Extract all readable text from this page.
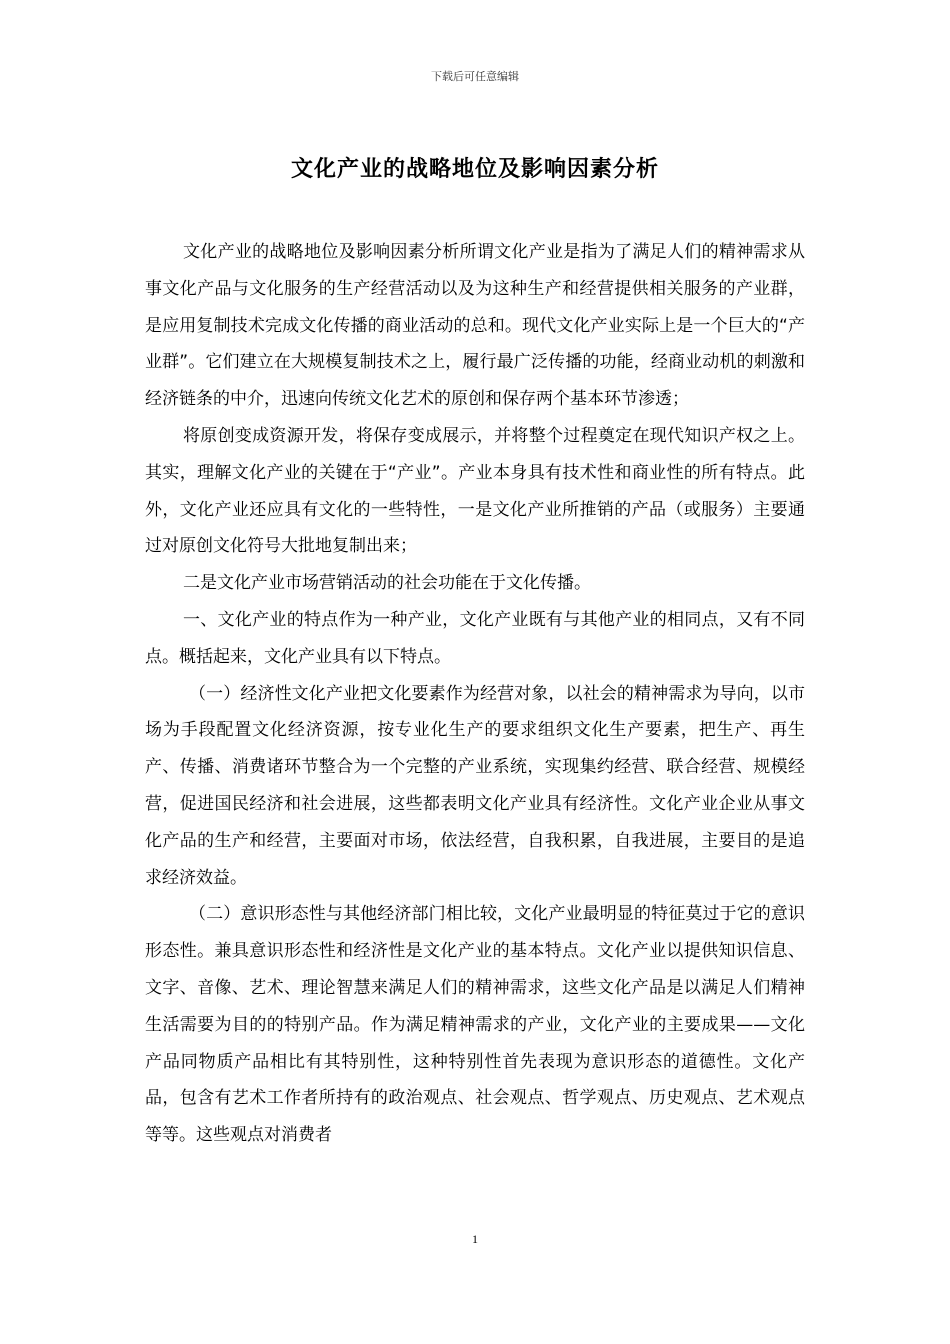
下载后可任意编辑
文化产业的战略地位及影响因素分析

文化产业的战略地位及影响因素分析所谓文化产业是指为了满足人们的精神需求从事文化产品与文化服务的生产经营活动以及为这种生产和经营提供相关服务的产业群，是应用复制技术完成文化传播的商业活动的总和。现代文化产业实际上是一个巨大的“产业群”。它们建立在大规模复制技术之上，履行最广泛传播的功能，经商业动机的刺激和经济链条的中介，迅速向传统文化艺术的原创和保存两个基本环节渗透；

将原创变成资源开发，将保存变成展示，并将整个过程奠定在现代知识产权之上。其实，理解文化产业的关键在于“产业”。产业本身具有技术性和商业性的所有特点。此外，文化产业还应具有文化的一些特性，一是文化产业所推销的产品（或服务）主要通过对原创文化符号大批地复制出来；

二是文化产业市场营销活动的社会功能在于文化传播。

一、文化产业的特点作为一种产业，文化产业既有与其他产业的相同点，又有不同点。概括起来，文化产业具有以下特点。

（一）经济性文化产业把文化要素作为经营对象，以社会的精神需求为导向，以市场为手段配置文化经济资源，按专业化生产的要求组织文化生产要素，把生产、再生产、传播、消费诸环节整合为一个完整的产业系统，实现集约经营、联合经营、规模经营，促进国民经济和社会进展，这些都表明文化产业具有经济性。文化产业企业从事文化产品的生产和经营，主要面对市场，依法经营，自我积累，自我进展，主要目的是追求经济效益。

（二）意识形态性与其他经济部门相比较，文化产业最明显的特征莫过于它的意识形态性。兼具意识形态性和经济性是文化产业的基本特点。文化产业以提供知识信息、文字、音像、艺术、理论智慧来满足人们的精神需求，这些文化产品是以满足人们精神生活需要为目的的特别产品。作为满足精神需求的产业，文化产业的主要成果——文化产品同物质产品相比有其特别性，这种特别性首先表现为意识形态的道德性。文化产品，包含有艺术工作者所持有的政治观点、社会观点、哲学观点、历史观点、艺术观点等等。这些观点对消费者

1
